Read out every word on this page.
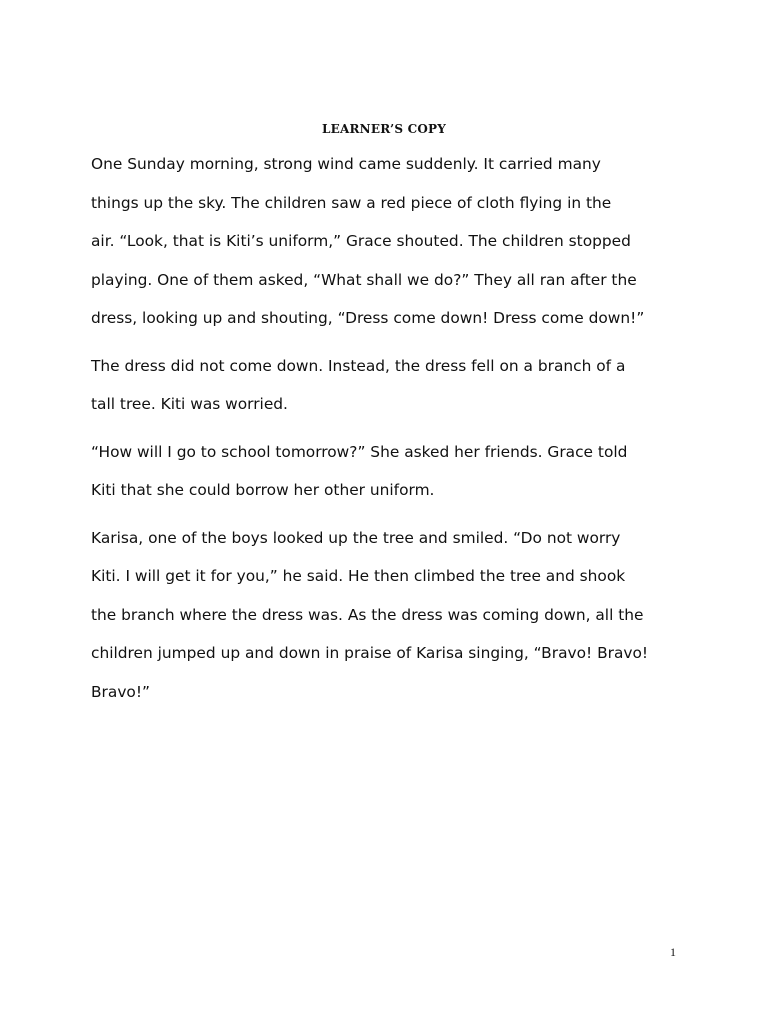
LEARNER’S COPY

One Sunday morning, strong wind came suddenly. It carried many
things up the sky. The children saw a red piece of cloth flying in the
air. “Look, that is Kiti’s uniform,” Grace shouted. The children stopped
playing. One of them asked, “What shall we do?” They all ran after the
dress, looking up and shouting, “Dress come down! Dress come down!”

The dress did not come down. Instead, the dress fell on a branch of a
tall tree. Kiti was worried.

“How will I go to school tomorrow?” She asked her friends. Grace told
Kiti that she could borrow her other uniform.

Karisa, one of the boys looked up the tree and smiled. “Do not worry
Kiti. I will get it for you,” he said. He then climbed the tree and shook
the branch where the dress was. As the dress was coming down, all the
children jumped up and down in praise of Karisa singing, “Bravo! Bravo!
Bravo!”

1
